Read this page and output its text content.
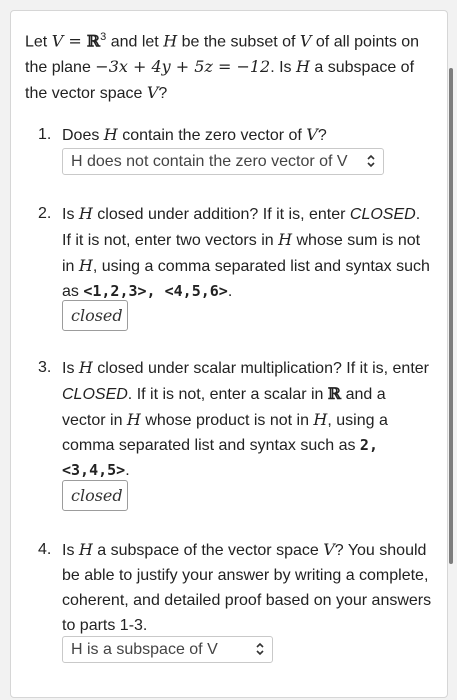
Let V = ℝ$^3$ and let H be the subset of V of all points on the plane −3x + 4y + 5z = −12. Is H a subspace of the vector space V?
1. Does H contain the zero vector of V?
H does not contain the zero vector of V
2. Is H closed under addition? If it is, enter CLOSED. If it is not, enter two vectors in H whose sum is not in H, using a comma separated list and syntax such as <1,2,3>, <4,5,6>.
closed
3. Is H closed under scalar multiplication? If it is, enter CLOSED. If it is not, enter a scalar in ℝ and a vector in H whose product is not in H, using a comma separated list and syntax such as 2, <3,4,5>.
closed
4. Is H a subspace of the vector space V? You should be able to justify your answer by writing a complete, coherent, and detailed proof based on your answers to parts 1-3.
H is a subspace of V
